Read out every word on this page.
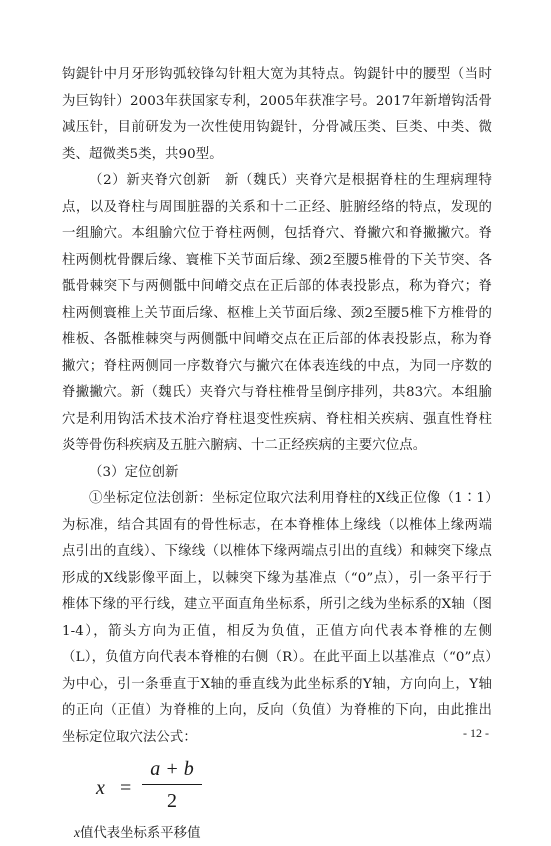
钩鍉针中月牙形钩弧较锋勾针粗大宽为其特点。钩鍉针中的腰型（当时为巨钩针）2003年获国家专利，2005年获准字号。2017年新增钩活骨减压针，目前研发为一次性使用钩鍉针，分骨减压类、巨类、中类、微类、超微类5类，共90型。

（2）新夹脊穴创新　新（魏氏）夹脊穴是根据脊柱的生理病理特点，以及脊柱与周围脏器的关系和十二正经、脏腑经络的特点，发现的一组腧穴。本组腧穴位于脊柱两侧，包括脊穴、脊撇穴和脊撇撇穴。脊柱两侧枕骨髁后缘、寰椎下关节面后缘、颈2至腰5椎骨的下关节突、各骶骨棘突下与两侧骶中间嵴交点在正后部的体表投影点，称为脊穴；脊柱两侧寰椎上关节面后缘、枢椎上关节面后缘、颈2至腰5椎下方椎骨的椎板、各骶椎棘突与两侧骶中间嵴交点在正后部的体表投影点，称为脊撇穴；脊柱两侧同一序数脊穴与撇穴在体表连线的中点，为同一序数的脊撇撇穴。新（魏氏）夹脊穴与脊柱椎骨呈倒序排列，共83穴。本组腧穴是利用钩活术技术治疗脊柱退变性疾病、脊柱相关疾病、强直性脊柱炎等骨伤科疾病及五脏六腑病、十二正经疾病的主要穴位点。

（3）定位创新

①坐标定位法创新：坐标定位取穴法利用脊柱的X线正位像（1∶1）为标准，结合其固有的骨性标志，在本脊椎体上缘线（以椎体上缘两端点引出的直线）、下缘线（以椎体下缘两端点引出的直线）和棘突下缘点形成的X线影像平面上，以棘突下缘为基准点（“0”点），引一条平行于椎体下缘的平行线，建立平面直角坐标系，所引之线为坐标系的X轴（图1-4），箭头方向为正值，相反为负值，正值方向代表本脊椎的左侧（L），负值方向代表本脊椎的右侧（R）。在此平面上以基准点（“0”点）为中心，引一条垂直于X轴的垂直线为此坐标系的Y轴，方向向上，Y轴的正向（正值）为脊椎的上向，反向（负值）为脊椎的下向，由此推出坐标定位取穴法公式：

x =
a + b
2

x值代表坐标系平移值

- 12 -
